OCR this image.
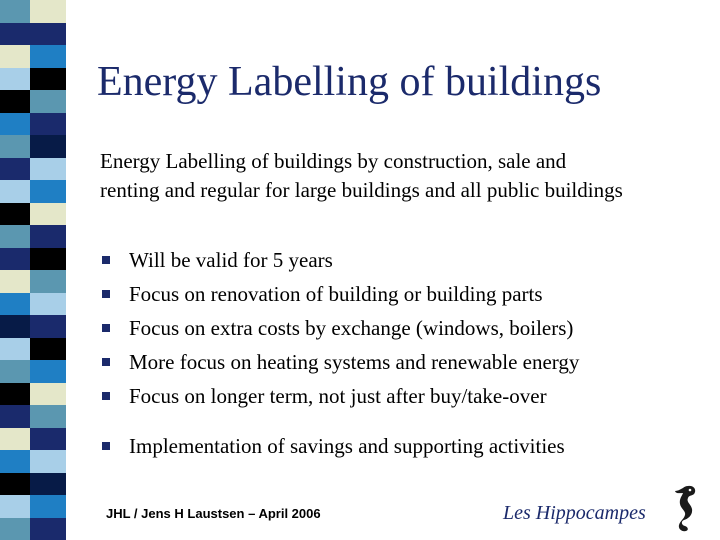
Energy Labelling of buildings
Energy Labelling of buildings by construction, sale and
renting and regular for large buildings and all public buildings
Will be valid for 5 years
Focus on renovation of building or building parts
Focus on extra costs by exchange (windows, boilers)
More focus on heating systems and renewable energy
Focus on longer term, not just after buy/take-over
Implementation of savings and supporting activities
JHL / Jens H Laustsen – April 2006	Les Hippocampes
